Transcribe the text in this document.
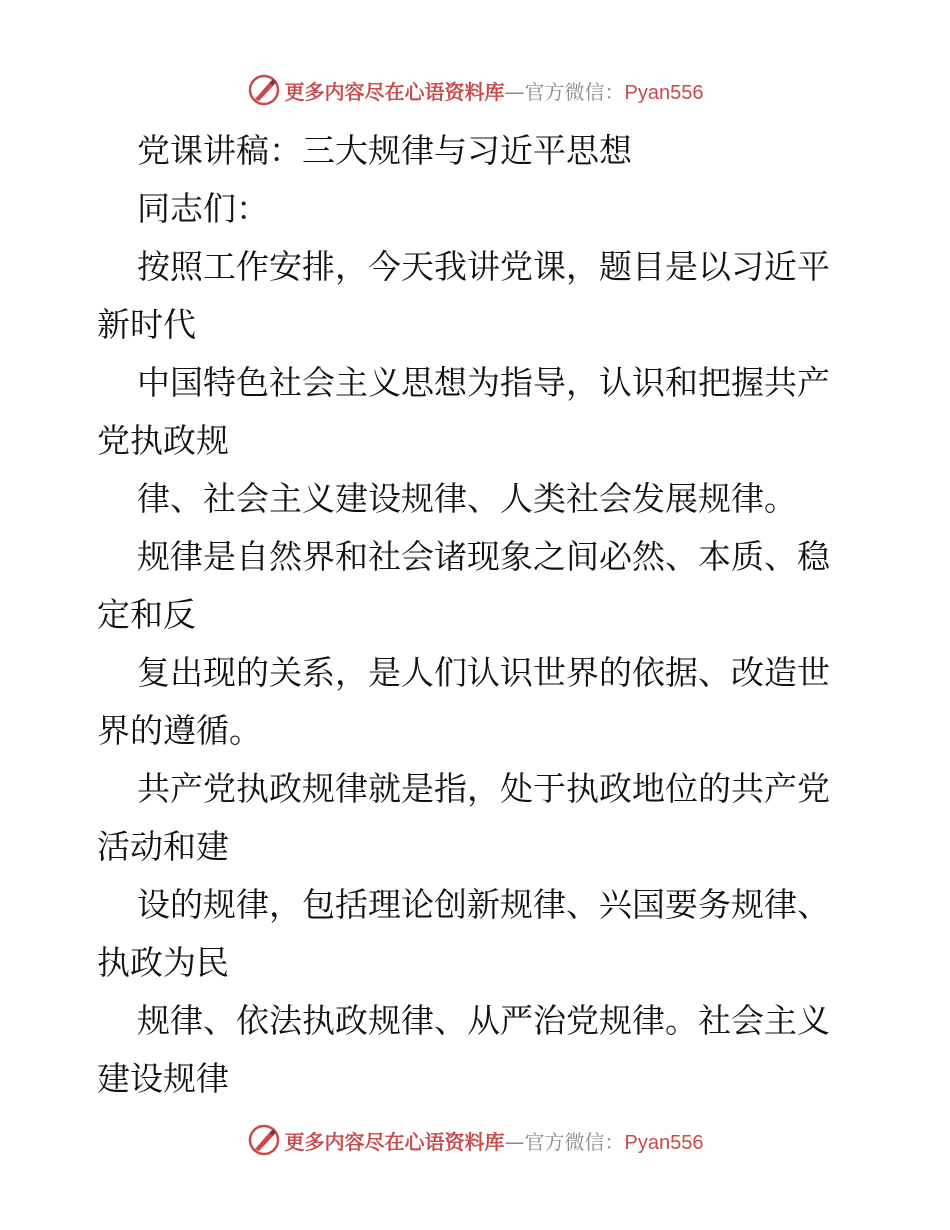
更多内容尽在心语资料库—官方微信：Pyan556
党课讲稿：三大规律与习近平思想
同志们：
按照工作安排，今天我讲党课，题目是以习近平
新时代
中国特色社会主义思想为指导，认识和把握共产
党执政规
律、社会主义建设规律、人类社会发展规律。
规律是自然界和社会诸现象之间必然、本质、稳
定和反
复出现的关系，是人们认识世界的依据、改造世
界的遵循。
共产党执政规律就是指，处于执政地位的共产党
活动和建
设的规律，包括理论创新规律、兴国要务规律、
执政为民
规律、依法执政规律、从严治党规律。社会主义
建设规律
更多内容尽在心语资料库—官方微信：Pyan556
